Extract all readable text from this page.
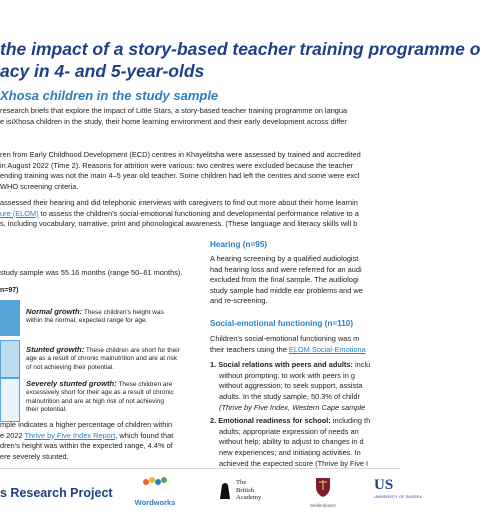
the impact of a story-based teacher training programme o
acy in 4- and 5-year-olds
Xhosa children in the study sample
research briefs that explore the impact of Little Stars, a story-based teacher training programme on langua
e isiXhosa children in the study, their home learning environment and their early development across differ
ren from Early Childhood Development (ECD) centres in Khayelitsha were assessed by trained and accredited
in August 2022 (Time 2). Reasons for attrition were various: two centres were excluded because the teacher
ending training was not the main 4–5 year old teacher. Some children had left the centres and some were excl
WHO screening criteria.
assessed their hearing and did telephonic interviews with caregivers to find out more about their home learnin
ure (ELOM) to assess the children's social-emotional functioning and developmental performance relative to a
s, including vocabulary, narrative, print and phonological awareness. (These language and literacy skills will b
study sample was 55.16 months (range 50–61 months).
n=97)
Normal growth: These children's height was
within the normal, expected range for age.
Stunted growth: These children are short for their
age as a result of chronic malnutrition and are at risk
of not achieving their potential.
Severely stunted growth: These children are
excessively short for their age as a result of chronic
malnutrition and are at high risk of not achieving
their potential.
mple indicates a higher percentage of children within
e 2022 Thrive by Five Index Report, which found that
dren's height was within the expected range, 4.4% of
ere severely stunted.
Hearing (n=95)
A hearing screening by a qualified audiologist
had hearing loss and were referred for an audi
excluded from the final sample. The audiologi
study sample had middle ear problems and we
and re-screening.
Social-emotional functioning (n=110)
Children's social-emotional functioning was m
their teachers using the ELOM Social-Emotiona
1. Social relations with peers and adults: inclu
without prompting; to work with peers in g
without aggression; to seek support, assista
adults. In the study sample, 50.3% of childr
(Thrive by Five Index, Western Cape sample
2. Emotional readiness for school: including th
adults; appropriate expression of needs an
without help; ability to adjust to changes in d
new experiences; and initiating activities. In
achieved the expected score (Thrive by Five I
s Research Project
Wordworks
The
British
Academy
Stellenbosch
US
UNIVERSITY OF SUSSEX
